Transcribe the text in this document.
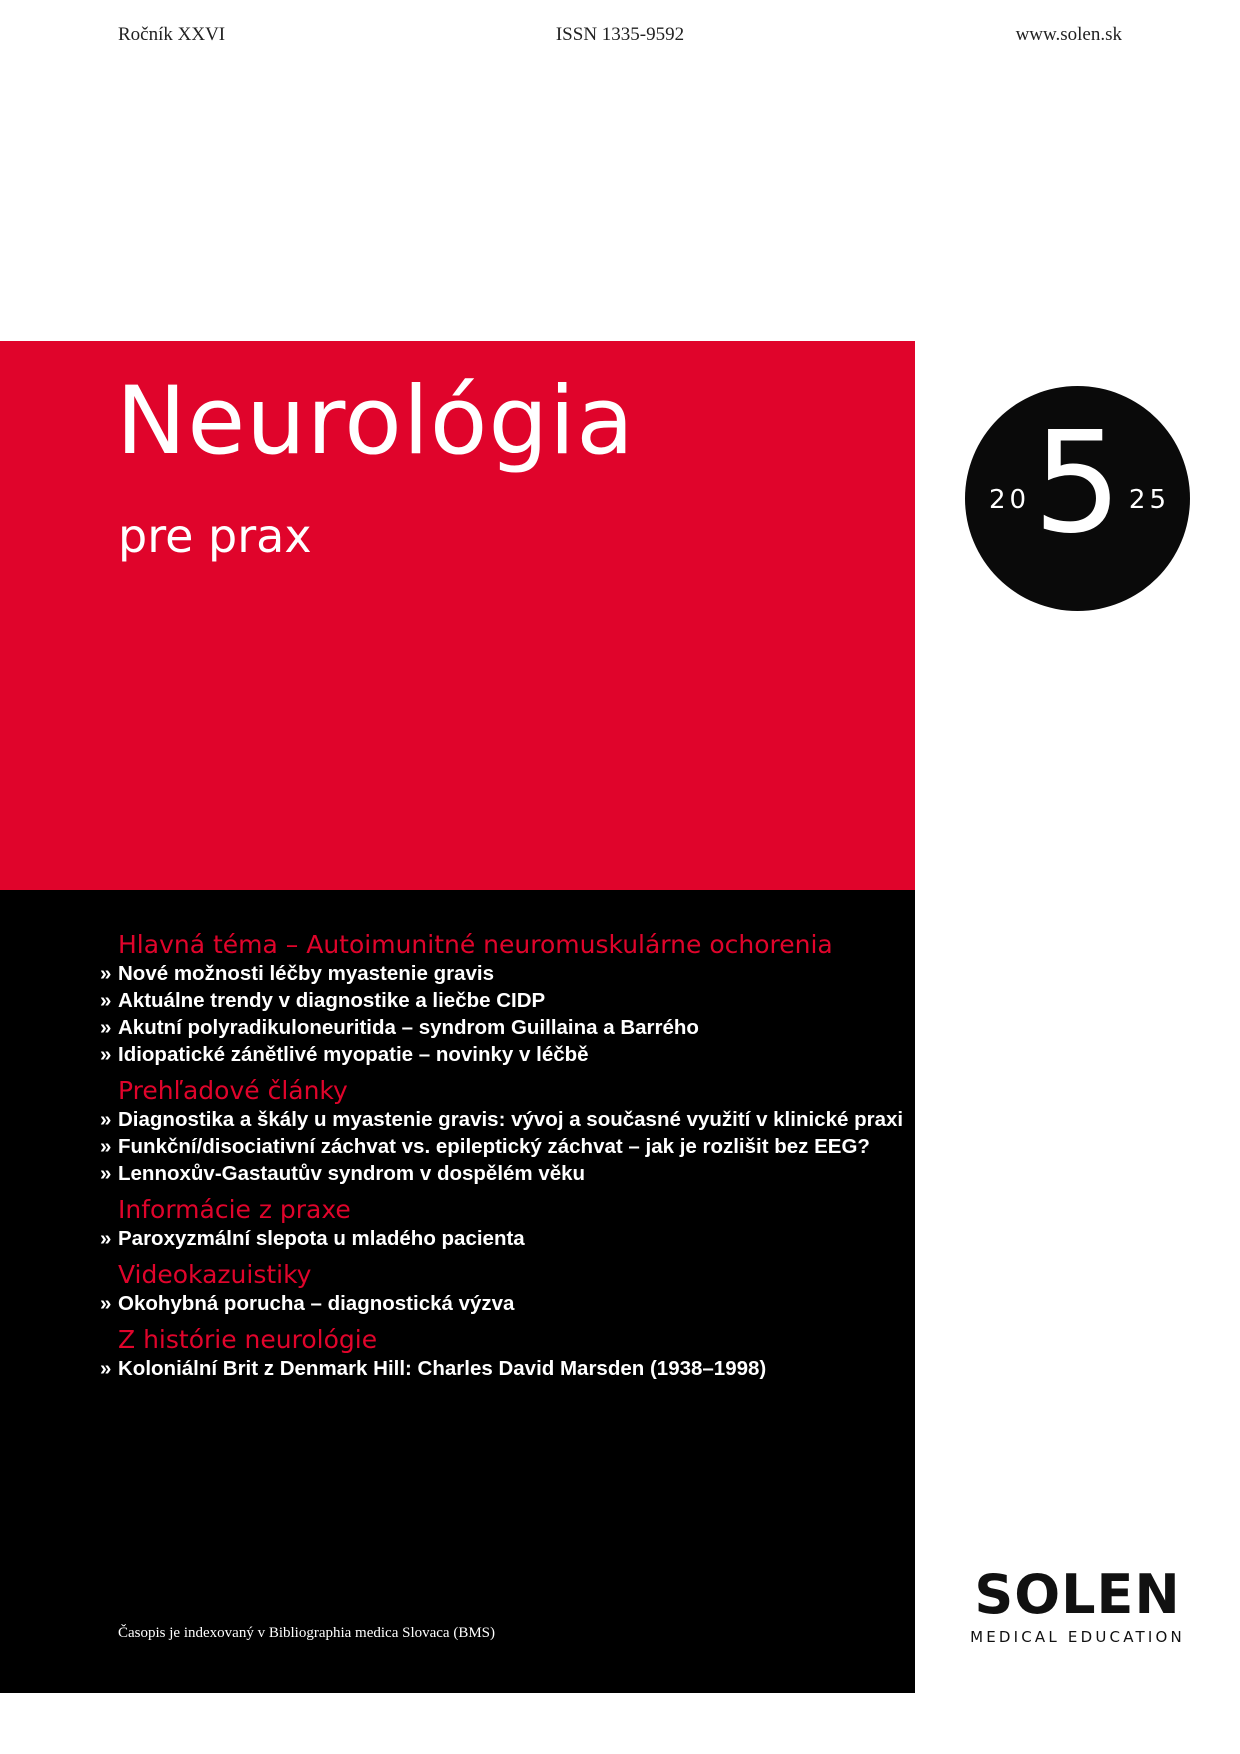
Ročník XXVI	ISSN 1335-9592	www.solen.sk
Neurológia

pre prax

20 5 25
Hlavná téma – Autoimunitné neuromuskulárne ochorenia
» Nové možnosti léčby myastenie gravis
» Aktuálne trendy v diagnostike a liečbe CIDP
» Akutní polyradikuloneuritida – syndrom Guillaina a Barrého
» Idiopatické zánětlivé myopatie – novinky v léčbě
Prehľadové články
» Diagnostika a škály u myastenie gravis: vývoj a současné využití v klinické praxi
» Funkční/disociativní záchvat vs. epileptický záchvat – jak je rozlišit bez EEG?
» Lennoxův-Gastautův syndrom v dospělém věku
Informácie z praxe
» Paroxyzmální slepota u mladého pacienta
Videokazuistiky
» Okohybná porucha – diagnostická výzva
Z histórie neurológie
» Koloniální Brit z Denmark Hill: Charles David Marsden (1938–1998)
Časopis je indexovaný v Bibliographia medica Slovaca (BMS)
SOLEN
MEDICAL EDUCATION
